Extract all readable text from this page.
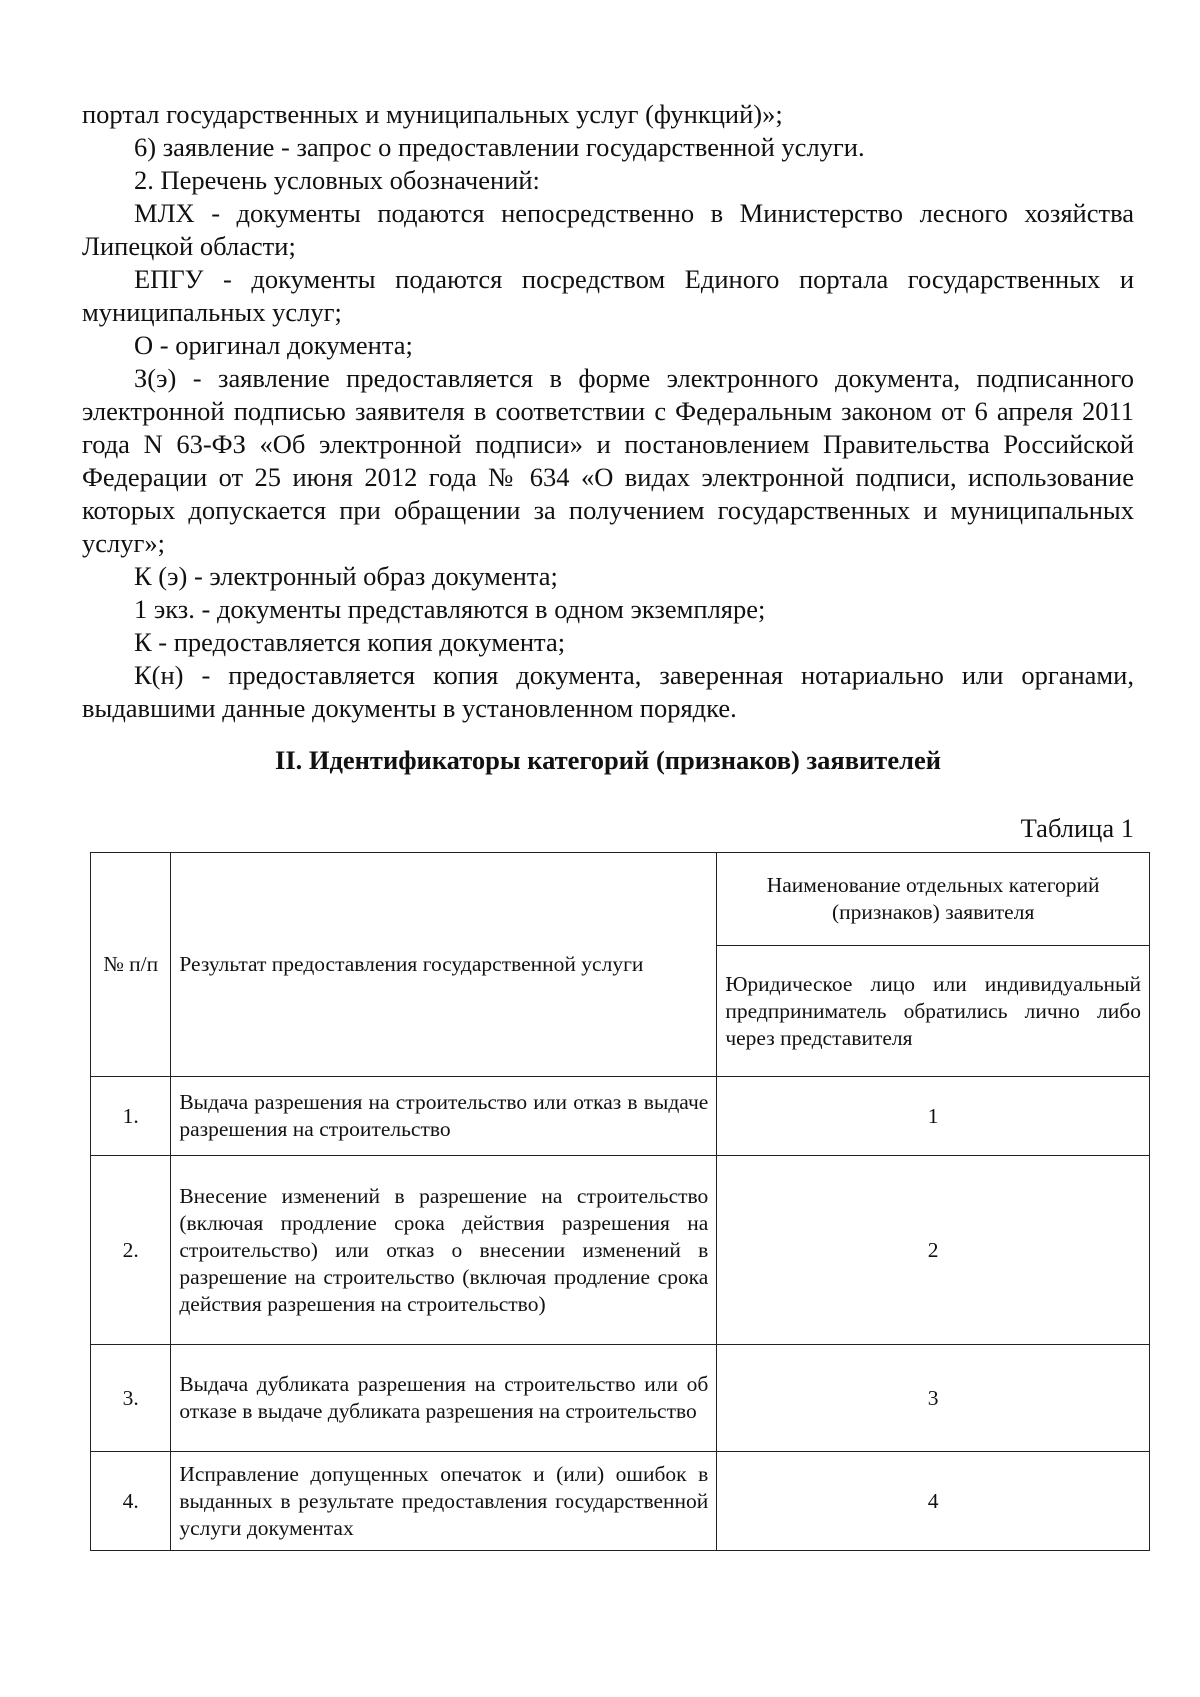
портал государственных и муниципальных услуг (функций)»;

6) заявление - запрос о предоставлении государственной услуги.

2. Перечень условных обозначений:

МЛХ - документы подаются непосредственно в Министерство лесного хозяйства Липецкой области;

ЕПГУ - документы подаются посредством Единого портала государственных и муниципальных услуг;

О - оригинал документа;

З(э) - заявление предоставляется в форме электронного документа, подписанного электронной подписью заявителя в соответствии с Федеральным законом от 6 апреля 2011 года N 63-ФЗ «Об электронной подписи» и постановлением Правительства Российской Федерации от 25 июня 2012 года № 634 «О видах электронной подписи, использование которых допускается при обращении за получением государственных и муниципальных услуг»;

К (э) - электронный образ документа;

1 экз. - документы представляются в одном экземпляре;

К - предоставляется копия документа;

К(н) - предоставляется копия документа, заверенная нотариально или органами, выдавшими данные документы в установленном порядке.

II. Идентификаторы категорий (признаков) заявителей
Таблица 1
№ п/п	Результат предоставления государственной услуги	Наименование отдельных категорий (признаков) заявителя
		Юридическое лицо или индивидуальный предприниматель обратились лично либо через представителя
1.	Выдача разрешения на строительство или отказ в выдаче разрешения на строительство	1
2.	Внесение изменений в разрешение на строительство (включая продление срока действия разрешения на строительство) или отказ о внесении изменений в разрешение на строительство (включая продление срока действия разрешения на строительство)	2
3.	Выдача дубликата разрешения на строительство или об отказе в выдаче дубликата разрешения на строительство	3
4.	Исправление допущенных опечаток и (или) ошибок в выданных в результате предоставления государственной услуги документах	4
